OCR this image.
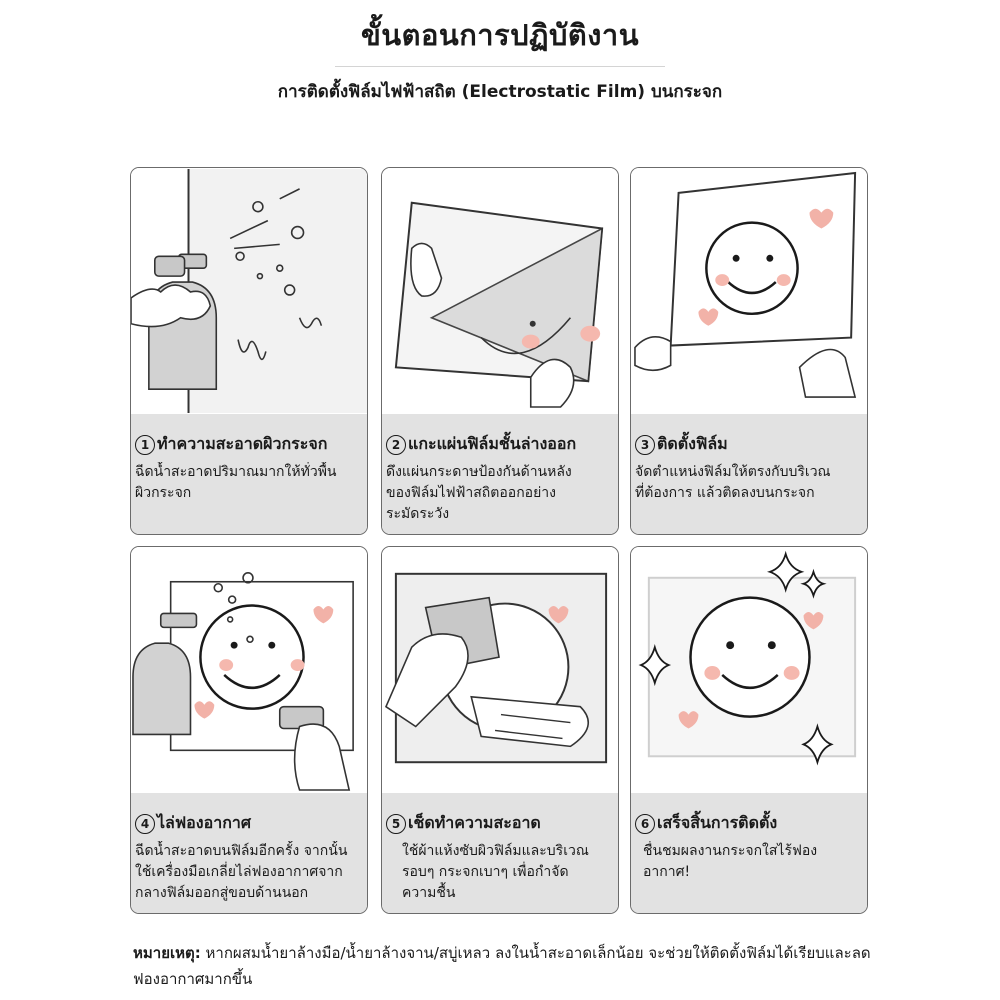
ขั้นตอนการปฏิบัติงาน
การติดตั้งฟิล์มไฟฟ้าสถิต (Electrostatic Film) บนกระจก
1 ทำความสะอาดผิวกระจก
ฉีดน้ำสะอาดปริมาณมากให้ทั่วพื้น
ผิวกระจก
2 แกะแผ่นฟิล์มชั้นล่างออก
ดึงแผ่นกระดาษป้องกันด้านหลัง
ของฟิล์มไฟฟ้าสถิตออกอย่าง
ระมัดระวัง
3 ติดตั้งฟิล์ม
จัดตำแหน่งฟิล์มให้ตรงกับบริเวณ
ที่ต้องการ แล้วติดลงบนกระจก
4 ไล่ฟองอากาศ
ฉีดน้ำสะอาดบนฟิล์มอีกครั้ง จากนั้น
ใช้เครื่องมือเกลี่ยไล่ฟองอากาศจาก
กลางฟิล์มออกสู่ขอบด้านนอก
5 เช็ดทำความสะอาด
ใช้ผ้าแห้งซับผิวฟิล์มและบริเวณ
รอบๆ กระจกเบาๆ เพื่อกำจัด
ความชื้น
6 เสร็จสิ้นการติดตั้ง
ชื่นชมผลงานกระจกใสไร้ฟอง
อากาศ!
หมายเหตุ: หากผสมน้ำยาล้างมือ/น้ำยาล้างจาน/สบู่เหลว ลงในน้ำสะอาดเล็กน้อย จะช่วยให้ติดตั้งฟิล์มได้เรียบและลดฟองอากาศมากขึ้น
